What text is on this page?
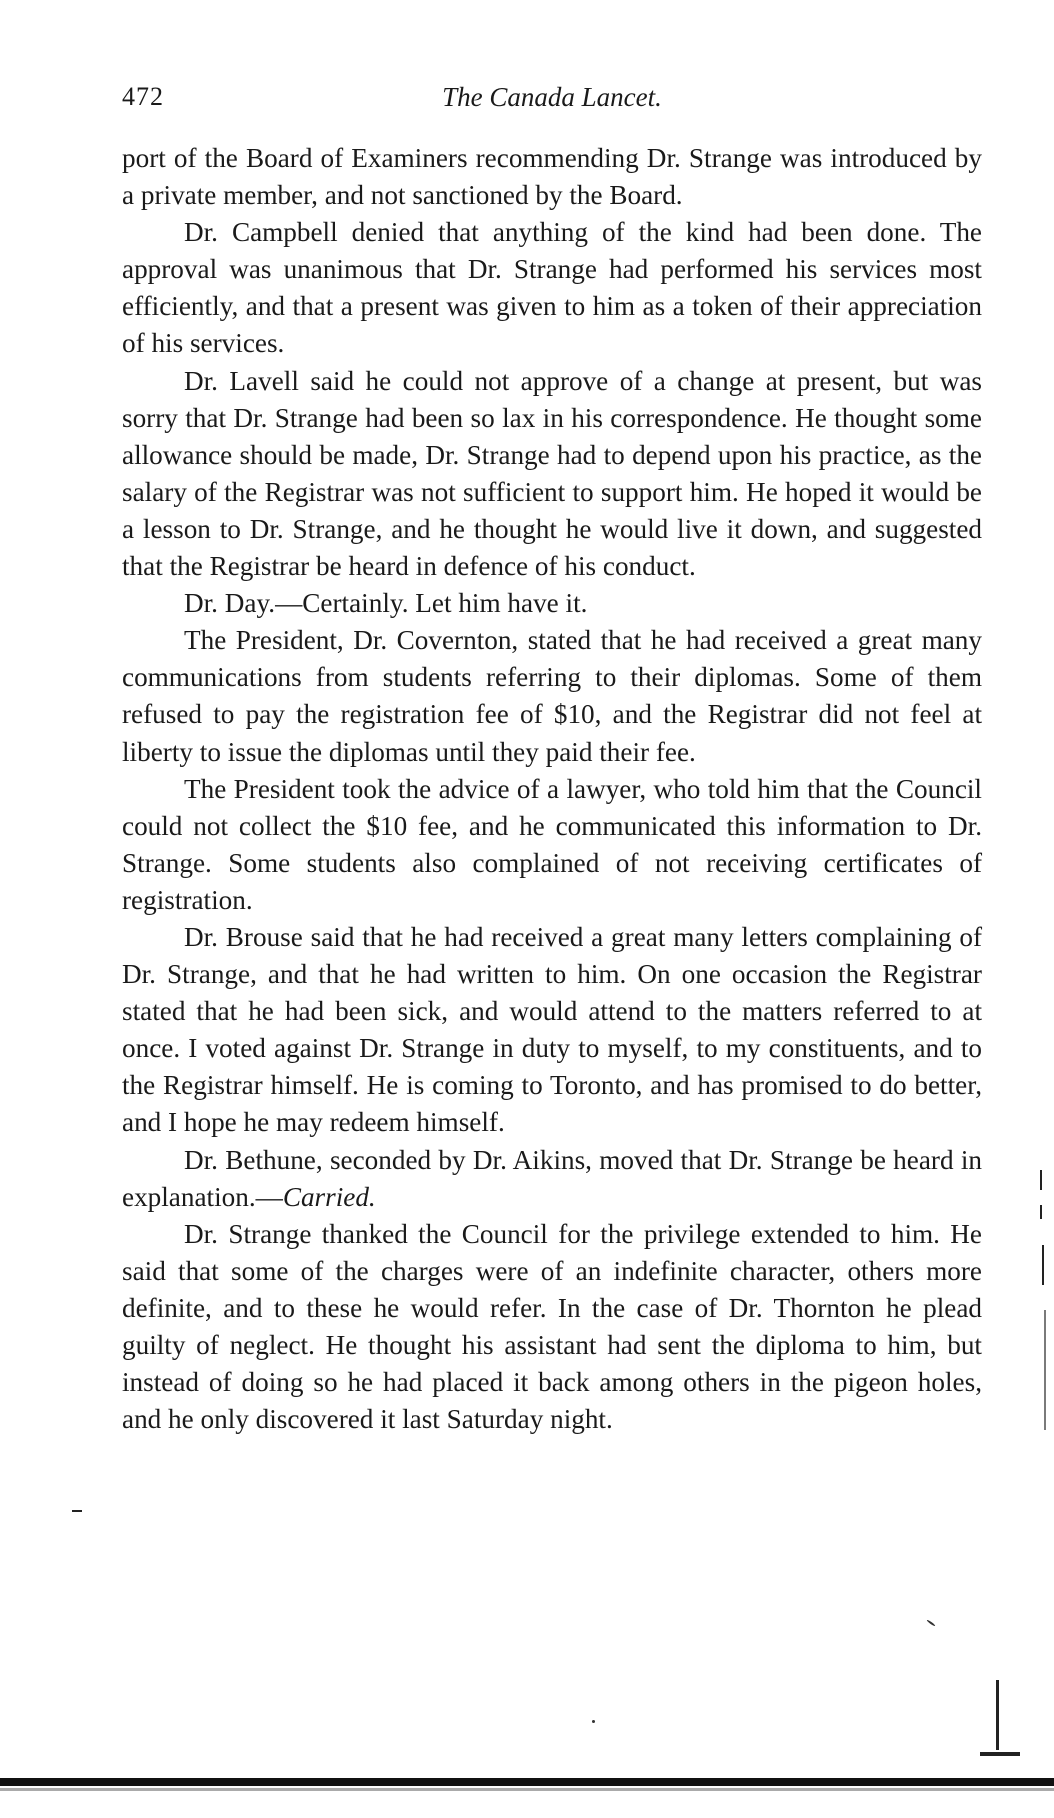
472	The Canada Lancet.

port of the Board of Examiners recommending Dr. Strange was introduced by a private member, and not sanctioned by the Board.

Dr. Campbell denied that anything of the kind had been done. The approval was unanimous that Dr. Strange had performed his services most efficiently, and that a present was given to him as a token of their appreciation of his services.

Dr. Lavell said he could not approve of a change at present, but was sorry that Dr. Strange had been so lax in his correspondence. He thought some allowance should be made, Dr. Strange had to depend upon his practice, as the salary of the Registrar was not sufficient to support him. He hoped it would be a lesson to Dr. Strange, and he thought he would live it down, and suggested that the Registrar be heard in defence of his conduct.

Dr. Day.—Certainly. Let him have it.

The President, Dr. Covernton, stated that he had received a great many communications from students referring to their diplomas. Some of them refused to pay the registration fee of $10, and the Registrar did not feel at liberty to issue the diplomas until they paid their fee.

The President took the advice of a lawyer, who told him that the Council could not collect the $10 fee, and he communicated this information to Dr. Strange. Some students also complained of not receiving certificates of registration.

Dr. Brouse said that he had received a great many letters complaining of Dr. Strange, and that he had written to him. On one occasion the Registrar stated that he had been sick, and would attend to the matters referred to at once. I voted against Dr. Strange in duty to myself, to my constituents, and to the Registrar himself. He is coming to Toronto, and has promised to do better, and I hope he may redeem himself.

Dr. Bethune, seconded by Dr. Aikins, moved that Dr. Strange be heard in explanation.—Carried.

Dr. Strange thanked the Council for the privilege extended to him. He said that some of the charges were of an indefinite character, others more definite, and to these he would refer. In the case of Dr. Thornton he plead guilty of neglect. He thought his assistant had sent the diploma to him, but instead of doing so he had placed it back among others in the pigeon holes, and he only discovered it last Saturday night.
